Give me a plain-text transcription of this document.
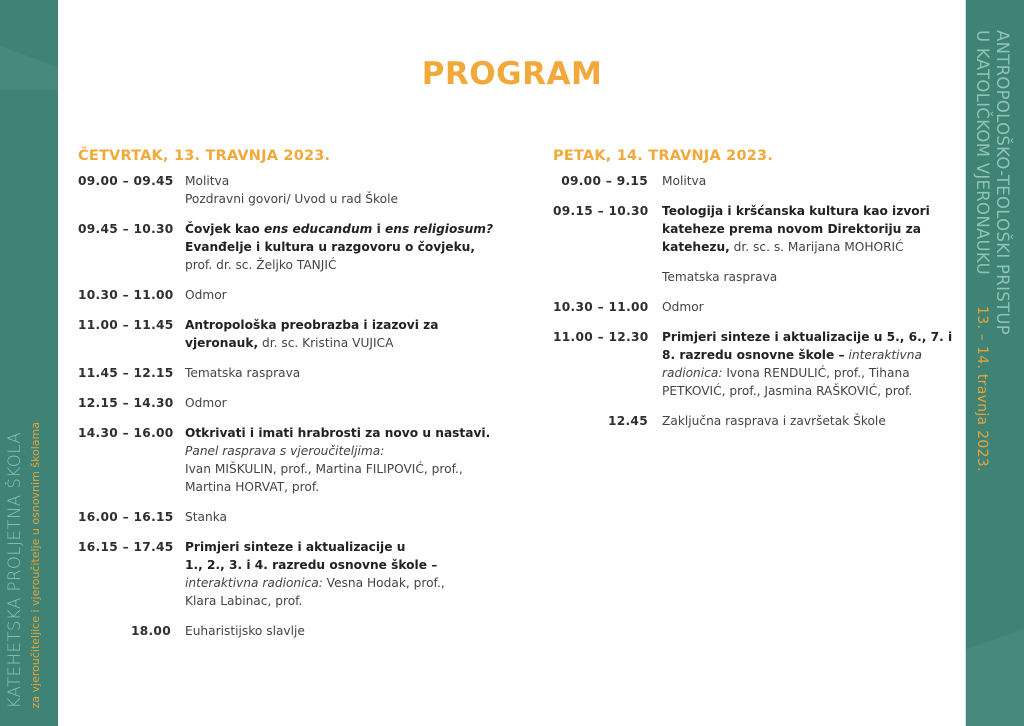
KATEHETSKA PROLJETNA ŠKOLA za vjeroučiteljice i vjeroučitelje u osnovnim školama
ANTROPOLOŠKO-TEOLOŠKI PRISTUP
U KATOLIČKOM VJERONAUKU   13. – 14. travnja 2023.
PROGRAM
ČETVRTAK, 13. TRAVNJA 2023.
09.00 – 09.45 Molitva
Pozdravni govori/ Uvod u rad Škole
09.45 – 10.30 Čovjek kao ens educandum i ens religiosum? Evanđelje i kultura u razgovoru o čovjeku, prof. dr. sc. Željko TANJIĆ
10.30 – 11.00 Odmor
11.00 – 11.45 Antropološka preobrazba i izazovi za vjeronauk, dr. sc. Kristina VUJICA
11.45 – 12.15 Tematska rasprava
12.15 – 14.30 Odmor
14.30 – 16.00 Otkrivati i imati hrabrosti za novo u nastavi.
Panel rasprava s vjeroučiteljima:
Ivan MIŠKULIN, prof., Martina FILIPOVIĆ, prof.,
Martina HORVAT, prof.
16.00 – 16.15 Stanka
16.15 – 17.45 Primjeri sinteze i aktualizacije u
1., 2., 3. i 4. razredu osnovne škole –
interaktivna radionica: Vesna Hodak, prof.,
Klara Labinac, prof.
18.00	Euharistijsko slavlje
PETAK, 14. TRAVNJA 2023.
09.00 – 9.15	Molitva
09.15 – 10.30 Teologija i kršćanska kultura kao izvori kateheze prema novom Direktoriju za katehezu, dr. sc. s. Marijana MOHORIĆ
Tematska rasprava
10.30 – 11.00	Odmor
11.00 – 12.30	Primjeri sinteze i aktualizacije u 5., 6., 7. i 8. razredu osnovne škole – interaktivna radionica: Ivona RENDULIĆ, prof., Tihana PETKOVIĆ, prof., Jasmina RAŠKOVIĆ, prof.
12.45	Zaključna rasprava i završetak Škole
